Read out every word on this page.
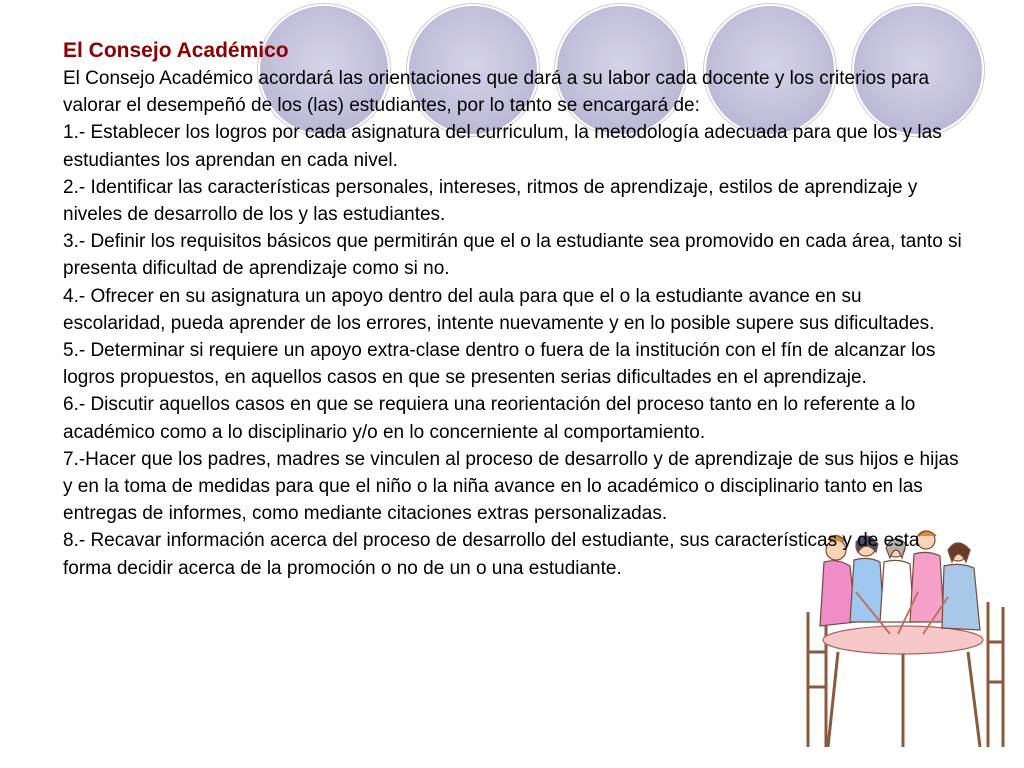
El Consejo Académico

El Consejo Académico acordará las orientaciones que dará a su labor cada docente y los criterios para valorar el desempeñó de los (las) estudiantes, por lo tanto se encargará de:

1.- Establecer los logros por cada asignatura del curriculum, la metodología adecuada para que los y las estudiantes los aprendan en cada nivel.

2.- Identificar las características personales, intereses, ritmos de aprendizaje, estilos de aprendizaje y niveles de desarrollo de los y las estudiantes.

3.- Definir los requisitos básicos que permitirán que el o la estudiante sea promovido en cada área, tanto si presenta dificultad de aprendizaje como si no.

4.- Ofrecer en su asignatura un apoyo dentro del aula para que el o la estudiante avance en su escolaridad, pueda aprender de los errores, intente nuevamente y en lo posible supere sus dificultades.

5.- Determinar si requiere un apoyo extra-clase dentro o fuera de la institución con el fín de alcanzar los logros propuestos, en aquellos casos en que se presenten serias dificultades en el aprendizaje.

6.- Discutir aquellos casos en que se requiera una reorientación del proceso tanto en lo referente a lo académico como a lo disciplinario y/o en lo concerniente al comportamiento.

7.-Hacer que los padres, madres se vinculen al proceso de desarrollo y de aprendizaje de sus hijos e hijas y en la toma de medidas para que el niño o la niña avance en lo académico o disciplinario tanto en las entregas de informes, como mediante citaciones extras personalizadas.

8.- Recavar información acerca del proceso de desarrollo del estudiante, sus características y de esta forma decidir acerca de la promoción o no de un o una estudiante.
